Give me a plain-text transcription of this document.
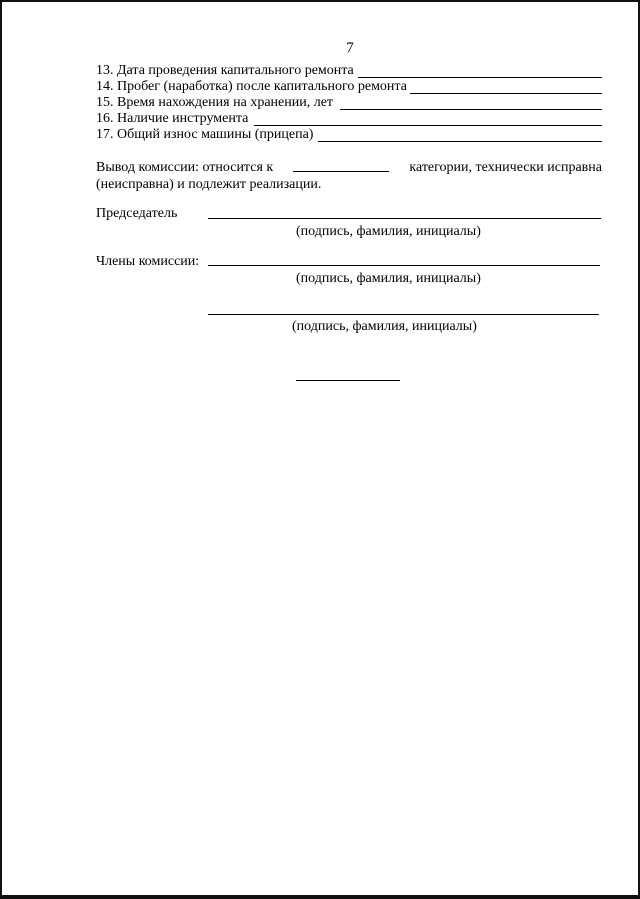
7
13. Дата проведения капитального ремонта
14. Пробег (наработка) после капитального ремонта
15. Время нахождения на хранении, лет
16. Наличие инструмента
17. Общий износ машины (прицепа)
Вывод комиссии: относится к	категории, технически исправна
(неисправна) и подлежит реализации.
Председатель
(подпись, фамилия, инициалы)
Члены комиссии:
(подпись, фамилия, инициалы)
(подпись, фамилия, инициалы)
